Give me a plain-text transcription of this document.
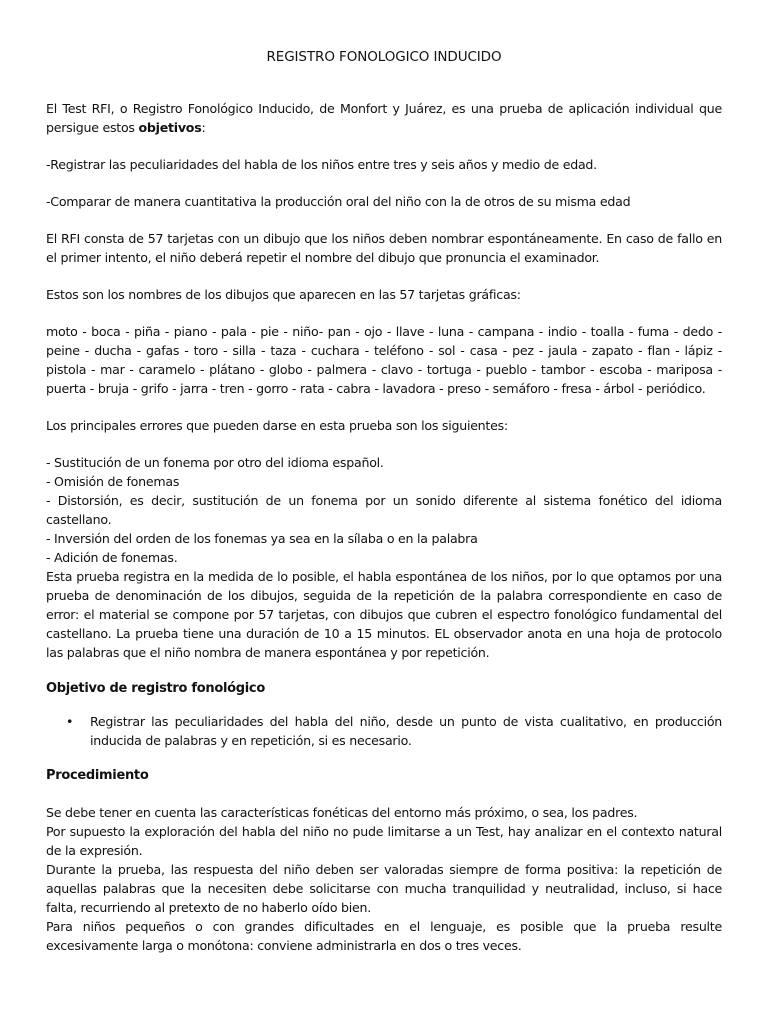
REGISTRO FONOLOGICO INDUCIDO

El Test RFI, o Registro Fonológico Inducido, de Monfort y Juárez, es una prueba de aplicación individual que persigue estos objetivos:

-Registrar las peculiaridades del habla de los niños entre tres y seis años y medio de edad.

-Comparar de manera cuantitativa la producción oral del niño con la de otros de su misma edad

El RFI consta de 57 tarjetas con un dibujo que los niños deben nombrar espontáneamente. En caso de fallo en el primer intento, el niño deberá repetir el nombre del dibujo que pronuncia el examinador.

Estos son los nombres de los dibujos que aparecen en las 57 tarjetas gráficas:

moto - boca - piña - piano - pala - pie - niño- pan - ojo - llave - luna - campana - indio - toalla - fuma - dedo - peine - ducha - gafas - toro - silla - taza - cuchara - teléfono - sol - casa - pez - jaula - zapato - flan - lápiz - pistola - mar - caramelo - plátano - globo - palmera - clavo - tortuga - pueblo - tambor - escoba - mariposa - puerta - bruja - grifo - jarra - tren - gorro - rata - cabra - lavadora - preso - semáforo - fresa - árbol - periódico.

Los principales errores que pueden darse en esta prueba son los siguientes:

- Sustitución de un fonema por otro del idioma español.

- Omisión de fonemas

- Distorsión, es decir, sustitución de un fonema por un sonido diferente al sistema fonético del idioma castellano.

- Inversión del orden de los fonemas ya sea en la sílaba o en la palabra

- Adición de fonemas.

Esta prueba registra en la medida de lo posible, el habla espontánea de los niños, por lo que optamos por una prueba de denominación de los dibujos, seguida de la repetición de la palabra correspondiente en caso de error: el material se compone por 57 tarjetas, con dibujos que cubren el espectro fonológico fundamental del castellano. La prueba tiene una duración de 10 a 15 minutos. EL observador anota en una hoja de protocolo las palabras que el niño nombra de manera espontánea y por repetición.

Objetivo de registro fonológico
• Registrar las peculiaridades del habla del niño, desde un punto de vista cualitativo, en producción inducida de palabras y en repetición, si es necesario.
Procedimiento

Se debe tener en cuenta las características fonéticas del entorno más próximo, o sea, los padres.

Por supuesto la exploración del habla del niño no pude limitarse a un Test, hay analizar en el contexto natural de la expresión.

Durante la prueba, las respuesta del niño deben ser valoradas siempre de forma positiva: la repetición de aquellas palabras que la necesiten debe solicitarse con mucha tranquilidad y neutralidad, incluso, si hace falta, recurriendo al pretexto de no haberlo oído bien.

Para niños pequeños o con grandes dificultades en el lenguaje, es posible que la prueba resulte excesivamente larga o monótona: conviene administrarla en dos o tres veces.
